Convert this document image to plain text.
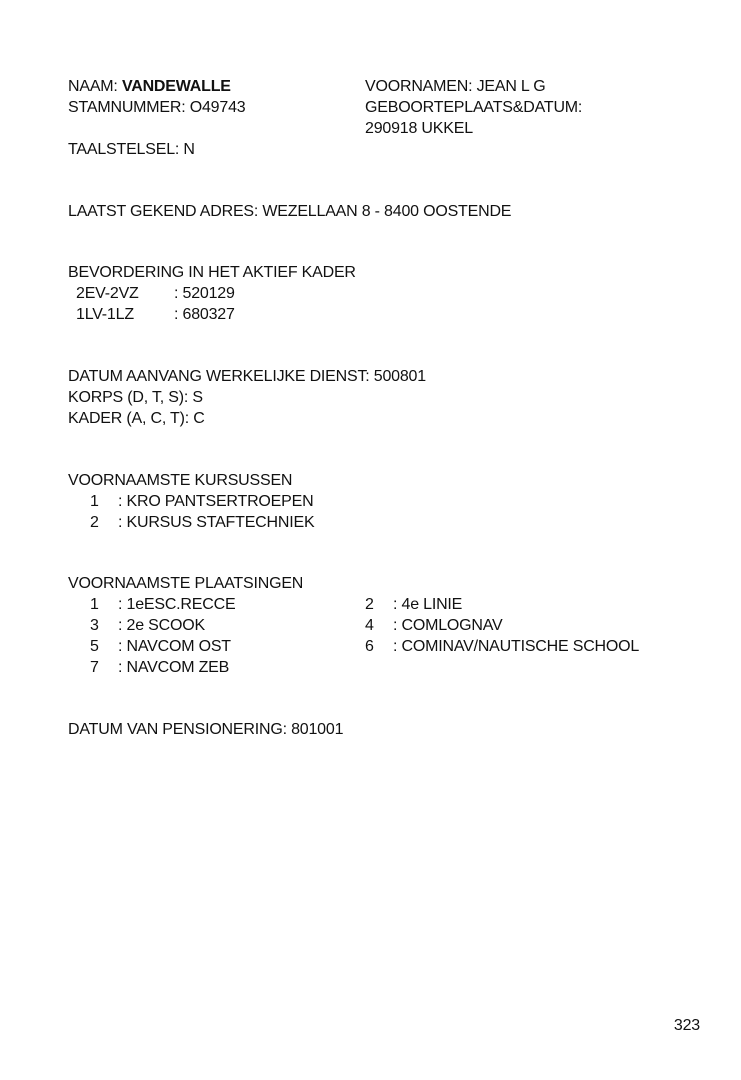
NAAM: VANDEWALLE
STAMNUMMER: O49743
VOORNAMEN: JEAN L G
GEBOORTEPLAATS&DATUM:
290918 UKKEL
TAALSTELSEL: N
LAATST GEKEND ADRES: WEZELLAAN 8 - 8400 OOSTENDE
BEVORDERING IN HET AKTIEF KADER
2EV-2VZ : 520129
1LV-1LZ	: 680327
DATUM AANVANG WERKELIJKE DIENST: 500801
KORPS (D, T, S): S
KADER (A, C, T): C
VOORNAAMSTE KURSUSSEN
1 : KRO PANTSERTROEPEN
2 : KURSUS STAFTECHNIEK
VOORNAAMSTE PLAATSINGEN
1 : 1eESC.RECCE	2 : 4e LINIE
3 : 2e SCOOK	4 : COMLOGNAV
5 : NAVCOM OST	6 : COMINAV/NAUTISCHE SCHOOL
7 : NAVCOM ZEB
DATUM VAN PENSIONERING: 801001
323
